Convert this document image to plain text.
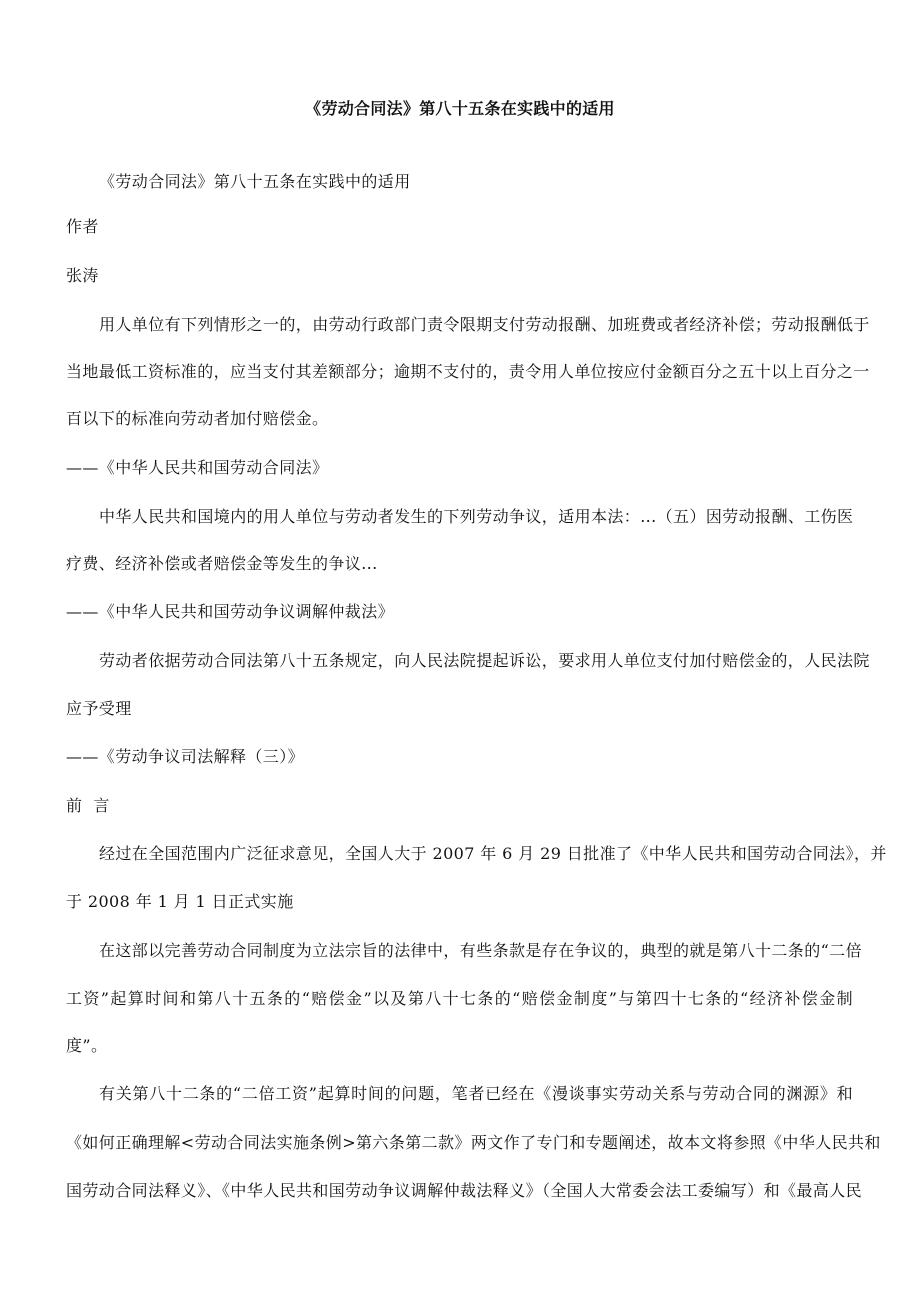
《劳动合同法》第八十五条在实践中的适用
《劳动合同法》第八十五条在实践中的适用
作者
张涛
用人单位有下列情形之一的，由劳动行政部门责令限期支付劳动报酬、加班费或者经济补偿；劳动报酬低于
当地最低工资标准的，应当支付其差额部分；逾期不支付的，责令用人单位按应付金额百分之五十以上百分之一
百以下的标准向劳动者加付赔偿金。
——《中华人民共和国劳动合同法》
中华人民共和国境内的用人单位与劳动者发生的下列劳动争议，适用本法：...（五）因劳动报酬、工伤医
疗费、经济补偿或者赔偿金等发生的争议...
——《中华人民共和国劳动争议调解仲裁法》
劳动者依据劳动合同法第八十五条规定，向人民法院提起诉讼，要求用人单位支付加付赔偿金的，人民法院
应予受理
——《劳动争议司法解释（三）》
前  言
经过在全国范围内广泛征求意见，全国人大于 2007 年 6 月 29 日批准了《中华人民共和国劳动合同法》，并
于 2008 年 1 月 1 日正式实施
在这部以完善劳动合同制度为立法宗旨的法律中，有些条款是存在争议的，典型的就是第八十二条的“二倍
工资”起算时间和第八十五条的“赔偿金”以及第八十七条的“赔偿金制度”与第四十七条的“经济补偿金制
度”。
有关第八十二条的“二倍工资”起算时间的问题，笔者已经在《漫谈事实劳动关系与劳动合同的渊源》和
《如何正确理解<劳动合同法实施条例>第六条第二款》两文作了专门和专题阐述，故本文将参照《中华人民共和
国劳动合同法释义》、《中华人民共和国劳动争议调解仲裁法释义》（全国人大常委会法工委编写）和《最高人民
